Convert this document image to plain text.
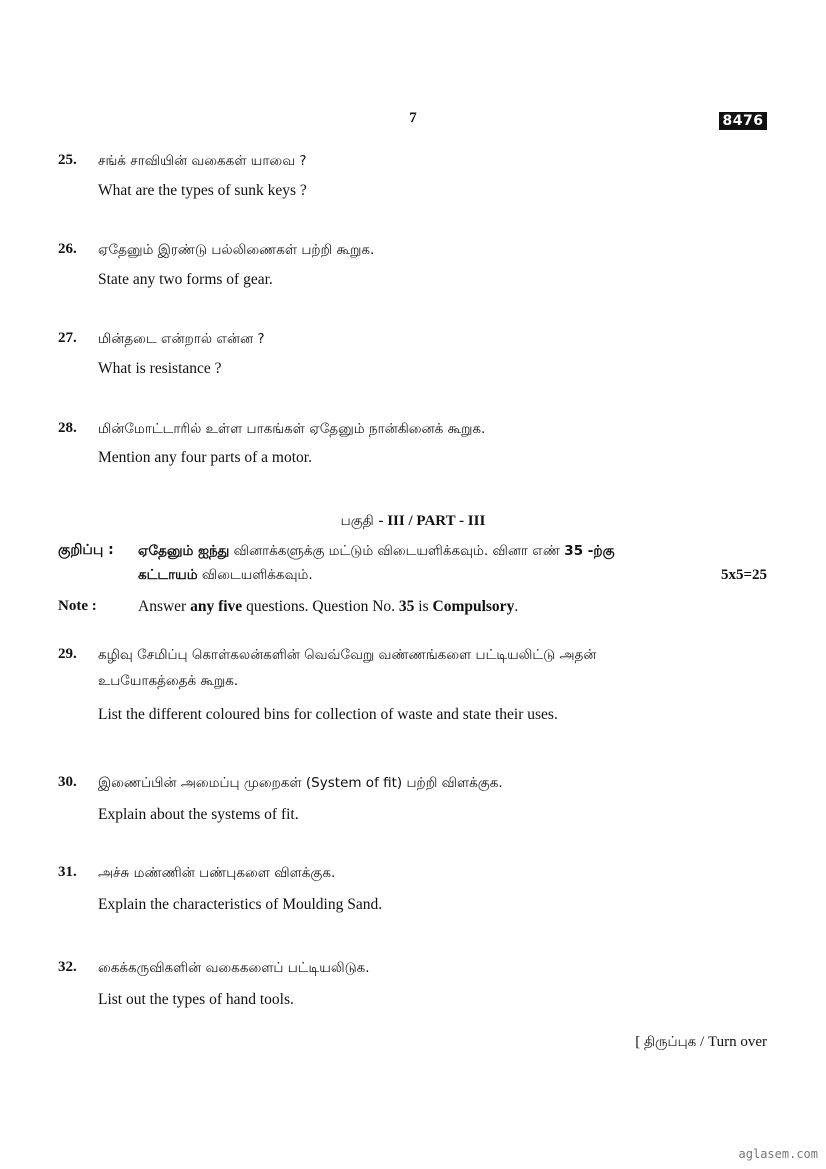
7	8476
25. சங்க் சாவியின் வகைகள் யாவை ?
What are the types of sunk keys ?
26. ஏதேனும் இரண்டு பல்லிணைகள் பற்றி கூறுக.
State any two forms of gear.
27. மின்தடை என்றால் என்ன ?
What is resistance ?
28. மின்மோட்டாரில் உள்ள பாகங்கள் ஏதேனும் நான்கினைக் கூறுக.
Mention any four parts of a motor.
பகுதி - III / PART - III
குறிப்பு : ஏதேனும் ஐந்து வினாக்களுக்கு மட்டும் விடையளிக்கவும். வினா எண் 35 -ற்கு
கட்டாயம் விடையளிக்கவும்.	5x5=25
Note :	Answer any five questions. Question No. 35 is Compulsory.
29. கழிவு சேமிப்பு கொள்கலன்களின் வெவ்வேறு வண்ணங்களை பட்டியலிட்டு அதன்
உபயோகத்தைக் கூறுக.
List the different coloured bins for collection of waste and state their uses.
30. இணைப்பின் அமைப்பு முறைகள் (System of fit) பற்றி விளக்குக.
Explain about the systems of fit.
31. அச்சு மண்ணின் பண்புகளை விளக்குக.
Explain the characteristics of Moulding Sand.
32. கைக்கருவிகளின் வகைகளைப் பட்டியலிடுக.
List out the types of hand tools.
[ திருப்புக / Turn over
aglasem.com
